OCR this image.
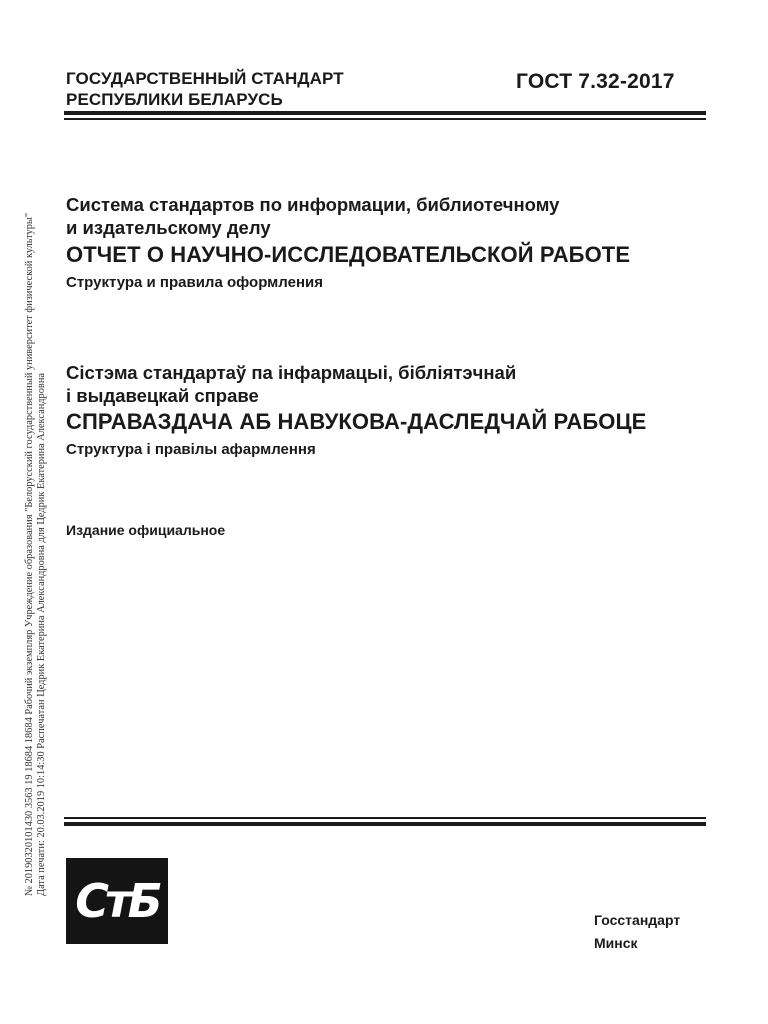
№ 20190320101430 3563 19 18684 18684 Рабочий экземпляр Учреждение образования "Белорусский государственный университет физической культуры" Дата печати: 20.03.2019 10:14:30 Распечатан Цедрик Екатерина Александровна для Цедрик Екатерина Александровна
ГОСУДАРСТВЕННЫЙ СТАНДАРТ
РЕСПУБЛИКИ БЕЛАРУСЬ
ГОСТ 7.32-2017
Система стандартов по информации, библиотечному
и издательскому делу
ОТЧЕТ О НАУЧНО-ИССЛЕДОВАТЕЛЬСКОЙ РАБОТЕ
Структура и правила оформления
Сістэма стандартаў па інфармацыі, бібліятэчнай
і выдавецкай справе
СПРАВАЗДАЧА АБ НАВУКОВА-ДАСЛЕДЧАЙ РАБОЦЕ
Структура і правілы афармлення
Издание официальное
СтБ	Госстандарт
Минск
